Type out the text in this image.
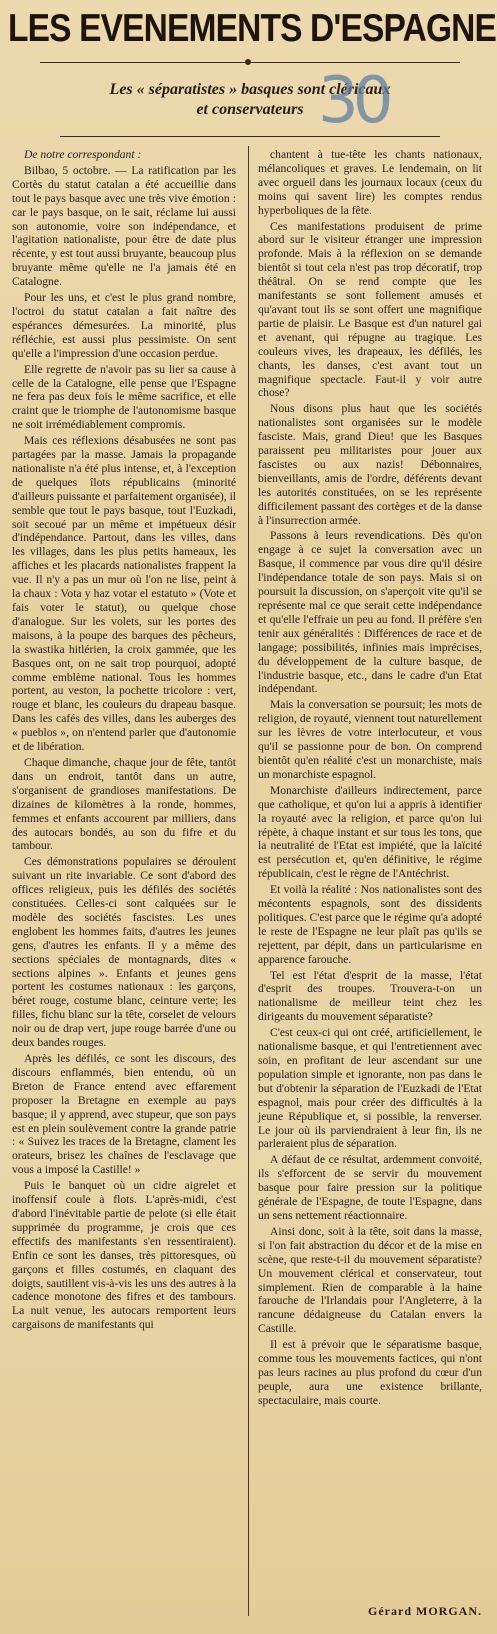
LES EVENEMENTS D'ESPAGNE
Les « séparatistes » basques sont cléricaux
et conservateurs 30
De notre correspondant :

Bilbao, 5 octobre. — La ratification par les Cortès du statut catalan a été accueillie dans tout le pays basque avec une très vive émotion : car le pays basque, on le sait, réclame lui aussi son autonomie, voire son indépendance, et l'agitation nationaliste, pour être de date plus récente, y est tout aussi bruyante, beaucoup plus bruyante même qu'elle ne l'a jamais été en Catalogne.

Pour les uns, et c'est le plus grand nombre, l'octroi du statut catalan a fait naître des espérances démesurées. La minorité, plus réfléchie, est aussi plus pessimiste. On sent qu'elle a l'impression d'une occasion perdue.

Elle regrette de n'avoir pas su lier sa cause à celle de la Catalogne, elle pense que l'Espagne ne fera pas deux fois le même sacrifice, et elle craint que le triomphe de l'autonomisme basque ne soit irrémédiablement compromis.

Mais ces réflexions désabusées ne sont pas partagées par la masse. Jamais la propagande nationaliste n'a été plus intense, et, à l'exception de quelques îlots républicains (minorité d'ailleurs puissante et parfaitement organisée), il semble que tout le pays basque, tout l'Euzkadi, soit secoué par un même et impétueux désir d'indépendance. Partout, dans les villes, dans les villages, dans les plus petits hameaux, les affiches et les placards nationalistes frappent la vue. Il n'y a pas un mur où l'on ne lise, peint à la chaux : Vota y haz votar el estatuto » (Vote et fais voter le statut), ou quelque chose d'analogue. Sur les volets, sur les portes des maisons, à la poupe des barques des pêcheurs, la swastika hitlérien, la croix gammée, que les Basques ont, on ne sait trop pourquoi, adopté comme emblème national. Tous les hommes portent, au veston, la pochette tricolore : vert, rouge et blanc, les couleurs du drapeau basque. Dans les cafés des villes, dans les auberges des « pueblos », on n'entend parler que d'autonomie et de libération.

Chaque dimanche, chaque jour de fête, tantôt dans un endroit, tantôt dans un autre, s'organisent de grandioses manifestations. De dizaines de kilomètres à la ronde, hommes, femmes et enfants accourent par milliers, dans des autocars bondés, au son du fifre et du tambour.

Ces démonstrations populaires se déroulent suivant un rite invariable. Ce sont d'abord des offices religieux, puis les défilés des sociétés constituées. Celles-ci sont calquées sur le modèle des sociétés fascistes. Les unes englobent les hommes faits, d'autres les jeunes gens, d'autres les enfants. Il y a même des sections spéciales de montagnards, dites « sections alpines ». Enfants et jeunes gens portent les costumes nationaux : les garçons, béret rouge, costume blanc, ceinture verte; les filles, fichu blanc sur la tête, corselet de velours noir ou de drap vert, jupe rouge barrée d'une ou deux bandes rouges.

Après les défilés, ce sont les discours, des discours enflammés, bien entendu, où un Breton de France entend avec effarement proposer la Bretagne en exemple au pays basque; il y apprend, avec stupeur, que son pays est en plein soulèvement contre la grande patrie : « Suivez les traces de la Bretagne, clament les orateurs, brisez les chaînes de l'esclavage que vous a imposé la Castille! »

Puis le banquet où un cidre aigrelet et inoffensif coule à flots. L'après-midi, c'est d'abord l'inévitable partie de pelote (si elle était supprimée du programme, je crois que ces effectifs des manifestants s'en ressentiraient). Enfin ce sont les danses, très pittoresques, où garçons et filles costumés, en claquant des doigts, sautillent vis-à-vis les uns des autres à la cadence monotone des fifres et des tambours. La nuit venue, les autocars remportent leurs cargaisons de manifestants qui

chantent à tue-tête les chants nationaux, mélancoliques et graves. Le lendemain, on lit avec orgueil dans les journaux locaux (ceux du moins qui savent lire) les comptes rendus hyperboliques de la fête.

Ces manifestations produisent de prime abord sur le visiteur étranger une impression profonde. Mais à la réflexion on se demande bientôt si tout cela n'est pas trop décoratif, trop théâtral. On se rend compte que les manifestants se sont follement amusés et qu'avant tout ils se sont offert une magnifique partie de plaisir. Le Basque est d'un naturel gai et avenant, qui répugne au tragique. Les couleurs vives, les drapeaux, les défilés, les chants, les danses, c'est avant tout un magnifique spectacle. Faut-il y voir autre chose?

Nous disons plus haut que les sociétés nationalistes sont organisées sur le modèle fasciste. Mais, grand Dieu! que les Basques paraissent peu militaristes pour jouer aux fascistes ou aux nazis! Débonnaires, bienveillants, amis de l'ordre, déférents devant les autorités constituées, on se les représente difficilement passant des cortèges et de la danse à l'insurrection armée.

Passons à leurs revendications. Dès qu'on engage à ce sujet la conversation avec un Basque, il commence par vous dire qu'il désire l'indépendance totale de son pays. Mais si on poursuit la discussion, on s'aperçoit vite qu'il se représente mal ce que serait cette indépendance et qu'elle l'effraie un peu au fond. Il préfère s'en tenir aux généralités : Différences de race et de langage; possibilités, infinies mais imprécises, du développement de la culture basque, de l'industrie basque, etc., dans le cadre d'un Etat indépendant.

Mais la conversation se poursuit; les mots de religion, de royauté, viennent tout naturellement sur les lèvres de votre interlocuteur, et vous qu'il se passionne pour de bon. On comprend bientôt qu'en réalité c'est un monarchiste, mais un monarchiste espagnol.

Monarchiste d'ailleurs indirectement, parce que catholique, et qu'on lui a appris à identifier la royauté avec la religion, et parce qu'on lui répète, à chaque instant et sur tous les tons, que la neutralité de l'Etat est impiété, que la laïcité est persécution et, qu'en définitive, le régime républicain, c'est le règne de l'Antéchrist.

Et voilà la réalité : Nos nationalistes sont des mécontents espagnols, sont des dissidents politiques. C'est parce que le régime qu'a adopté le reste de l'Espagne ne leur plaît pas qu'ils se rejettent, par dépit, dans un particularisme en apparence farouche.

Tel est l'état d'esprit de la masse, l'état d'esprit des troupes. Trouvera-t-on un nationalisme de meilleur teint chez les dirigeants du mouvement séparatiste?

C'est ceux-ci qui ont créé, artificiellement, le nationalisme basque, et qui l'entretiennent avec soin, en profitant de leur ascendant sur une population simple et ignorante, non pas dans le but d'obtenir la séparation de l'Euzkadi de l'Etat espagnol, mais pour créer des difficultés à la jeune République et, si possible, la renverser. Le jour où ils parviendraient à leur fin, ils ne parleraient plus de séparation.

A défaut de ce résultat, ardemment convoité, ils s'efforcent de se servir du mouvement basque pour faire pression sur la politique générale de l'Espagne, de toute l'Espagne, dans un sens nettement réactionnaire.

Ainsi donc, soit à la tête, soit dans la masse, si l'on fait abstraction du décor et de la mise en scène, que reste-t-il du mouvement séparatiste? Un mouvement clérical et conservateur, tout simplement. Rien de comparable à la haine farouche de l'Irlandais pour l'Angleterre, à la rancune dédaigneuse du Catalan envers la Castille.

Il est à prévoir que le séparatisme basque, comme tous les mouvements factices, qui n'ont pas leurs racines au plus profond du cœur d'un peuple, aura une existence brillante, spectaculaire, mais courte.

Gérard MORGAN.
